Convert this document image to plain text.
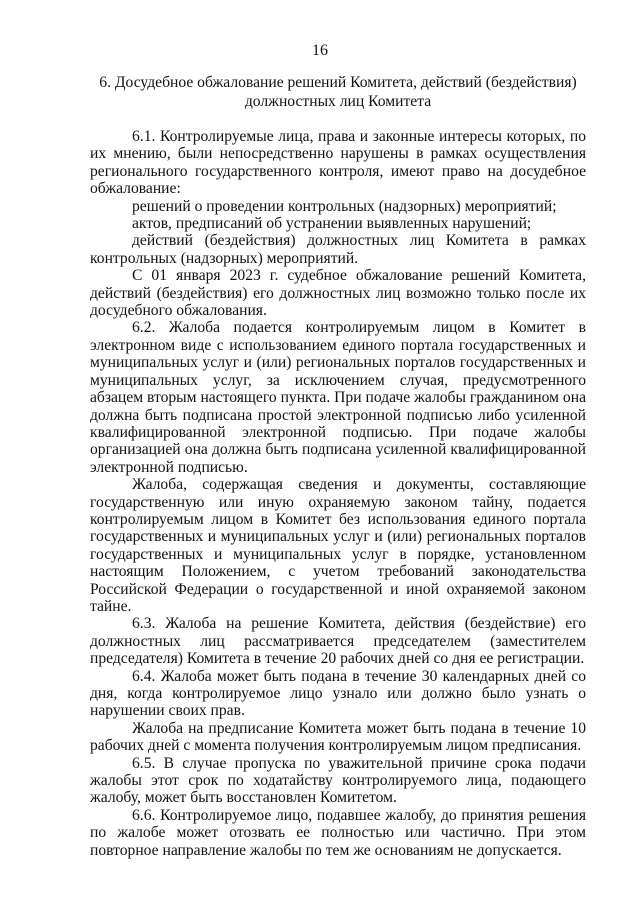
16
6. Досудебное обжалование решений Комитета, действий (бездействия)
должностных лиц Комитета

6.1. Контролируемые лица, права и законные интересы которых, по их мнению, были непосредственно нарушены в рамках осуществления регионального государственного контроля, имеют право на досудебное обжалование:

решений о проведении контрольных (надзорных) мероприятий;

актов, предписаний об устранении выявленных нарушений;

действий (бездействия) должностных лиц Комитета в рамках контрольных (надзорных) мероприятий.

С 01 января 2023 г. судебное обжалование решений Комитета, действий (бездействия) его должностных лиц возможно только после их досудебного обжалования.

6.2. Жалоба подается контролируемым лицом в Комитет в электронном виде с использованием единого портала государственных и муниципальных услуг и (или) региональных порталов государственных и муниципальных услуг, за исключением случая, предусмотренного абзацем вторым настоящего пункта. При подаче жалобы гражданином она должна быть подписана простой электронной подписью либо усиленной квалифицированной электронной подписью. При подаче жалобы организацией она должна быть подписана усиленной квалифицированной электронной подписью.

Жалоба, содержащая сведения и документы, составляющие государственную или иную охраняемую законом тайну, подается контролируемым лицом в Комитет без использования единого портала государственных и муниципальных услуг и (или) региональных порталов государственных и муниципальных услуг в порядке, установленном настоящим Положением, с учетом требований законодательства Российской Федерации о государственной и иной охраняемой законом тайне.

6.3. Жалоба на решение Комитета, действия (бездействие) его должностных лиц рассматривается председателем (заместителем председателя) Комитета в течение 20 рабочих дней со дня ее регистрации.

6.4. Жалоба может быть подана в течение 30 календарных дней со дня, когда контролируемое лицо узнало или должно было узнать о нарушении своих прав.

Жалоба на предписание Комитета может быть подана в течение 10 рабочих дней с момента получения контролируемым лицом предписания.

6.5. В случае пропуска по уважительной причине срока подачи жалобы этот срок по ходатайству контролируемого лица, подающего жалобу, может быть восстановлен Комитетом.

6.6. Контролируемое лицо, подавшее жалобу, до принятия решения по жалобе может отозвать ее полностью или частично. При этом повторное направление жалобы по тем же основаниям не допускается.
